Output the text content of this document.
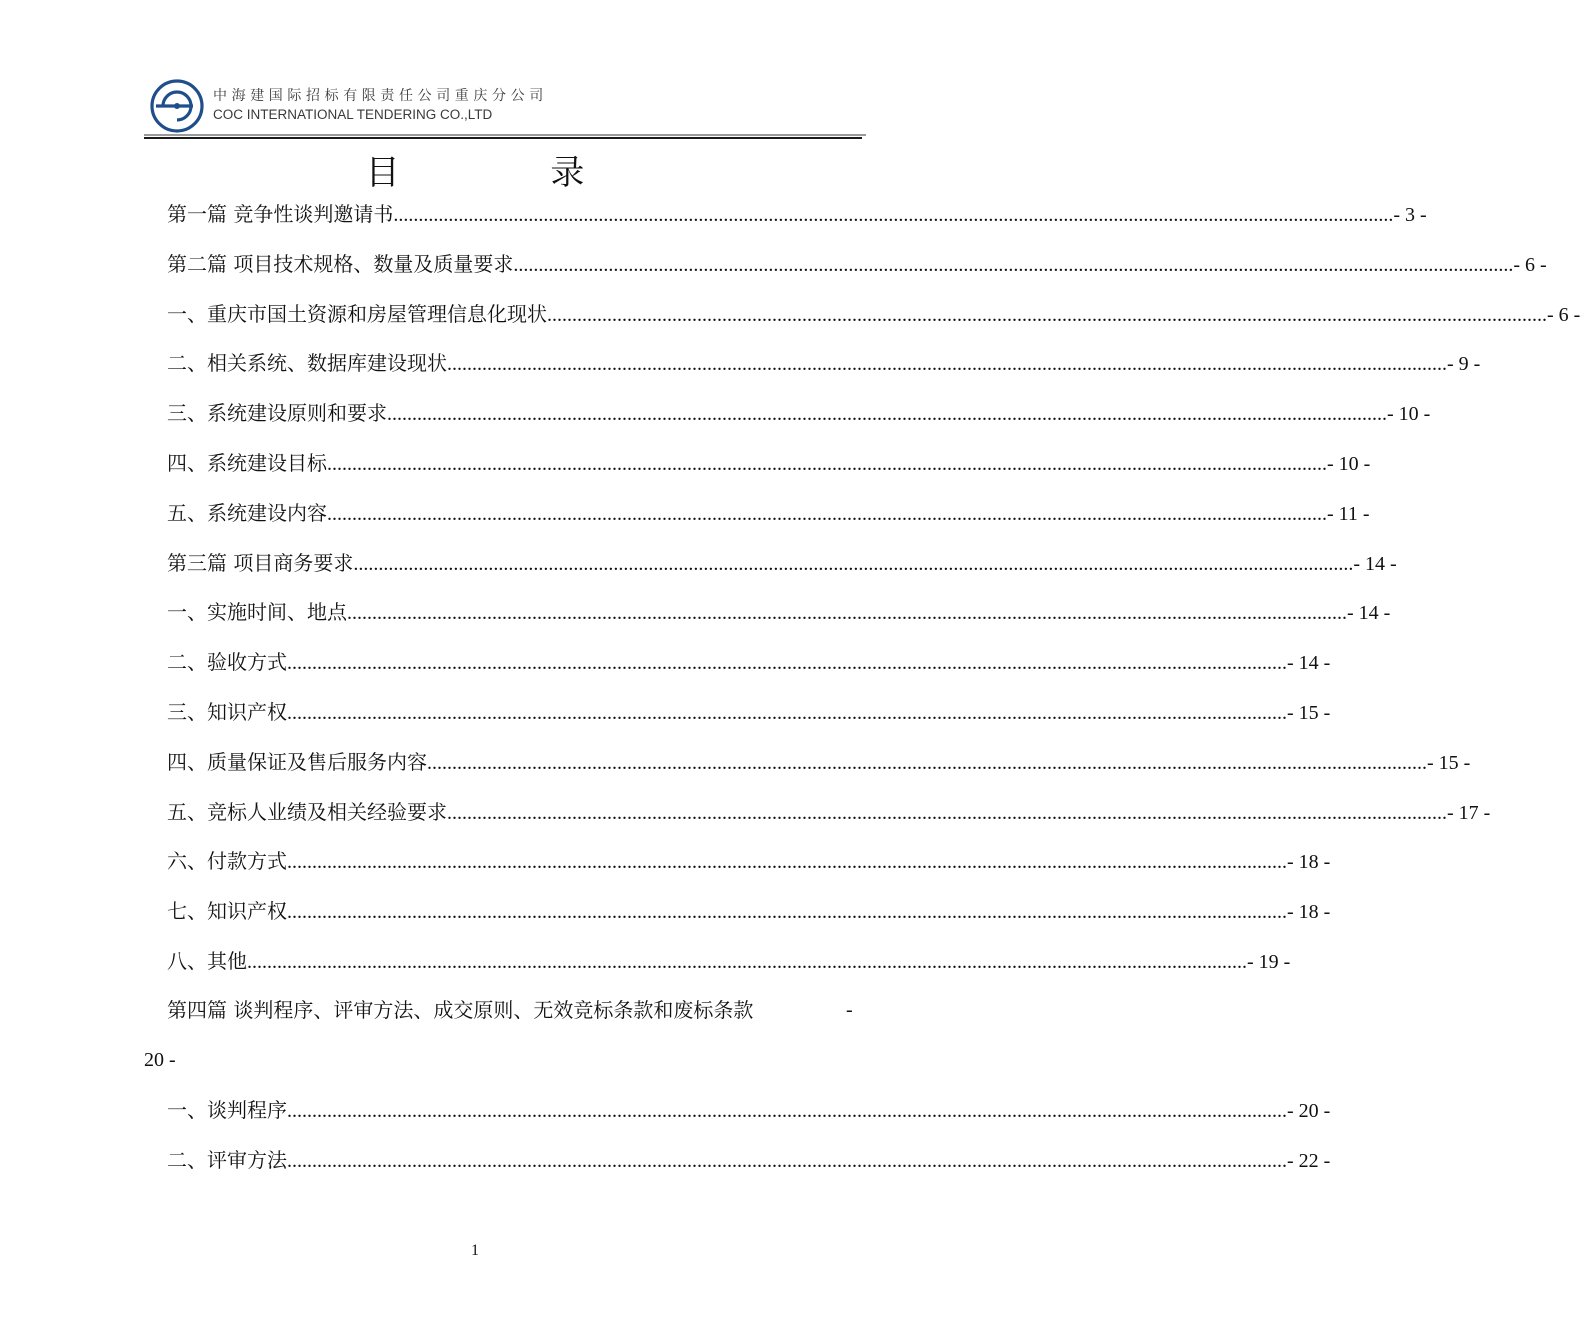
中海建国际招标有限责任公司重庆分公司
COC INTERNATIONAL TENDERING CO.,LTD
目 录
第一篇 竞争性谈判邀请书 ........................................................................................................................................................................................................ - 3 -
第二篇 项目技术规格、数量及质量要求 ........................................................................................................................................................................................................ - 6 -
一、重庆市国土资源和房屋管理信息化现状 ........................................................................................................................................................................................................ - 6 -
二、相关系统、数据库建设现状 ........................................................................................................................................................................................................ - 9 -
三、系统建设原则和要求 ........................................................................................................................................................................................................ - 10 -
四、系统建设目标 ........................................................................................................................................................................................................ - 10 -
五、系统建设内容 ........................................................................................................................................................................................................ - 11 -
第三篇 项目商务要求 ........................................................................................................................................................................................................ - 14 -
一、实施时间、地点 ........................................................................................................................................................................................................ - 14 -
二、验收方式 ........................................................................................................................................................................................................ - 14 -
三、知识产权 ........................................................................................................................................................................................................ - 15 -
四、质量保证及售后服务内容 ........................................................................................................................................................................................................ - 15 -
五、竞标人业绩及相关经验要求 ........................................................................................................................................................................................................ - 17 -
六、付款方式 ........................................................................................................................................................................................................ - 18 -
七、知识产权 ........................................................................................................................................................................................................ - 18 -
八、其他 ........................................................................................................................................................................................................ - 19 -
第四篇 谈判程序、评审方法、成交原则、无效竞标条款和废标条款	-
20 -
一、谈判程序 ........................................................................................................................................................................................................ - 20 -
二、评审方法 ........................................................................................................................................................................................................ - 22 -
1
